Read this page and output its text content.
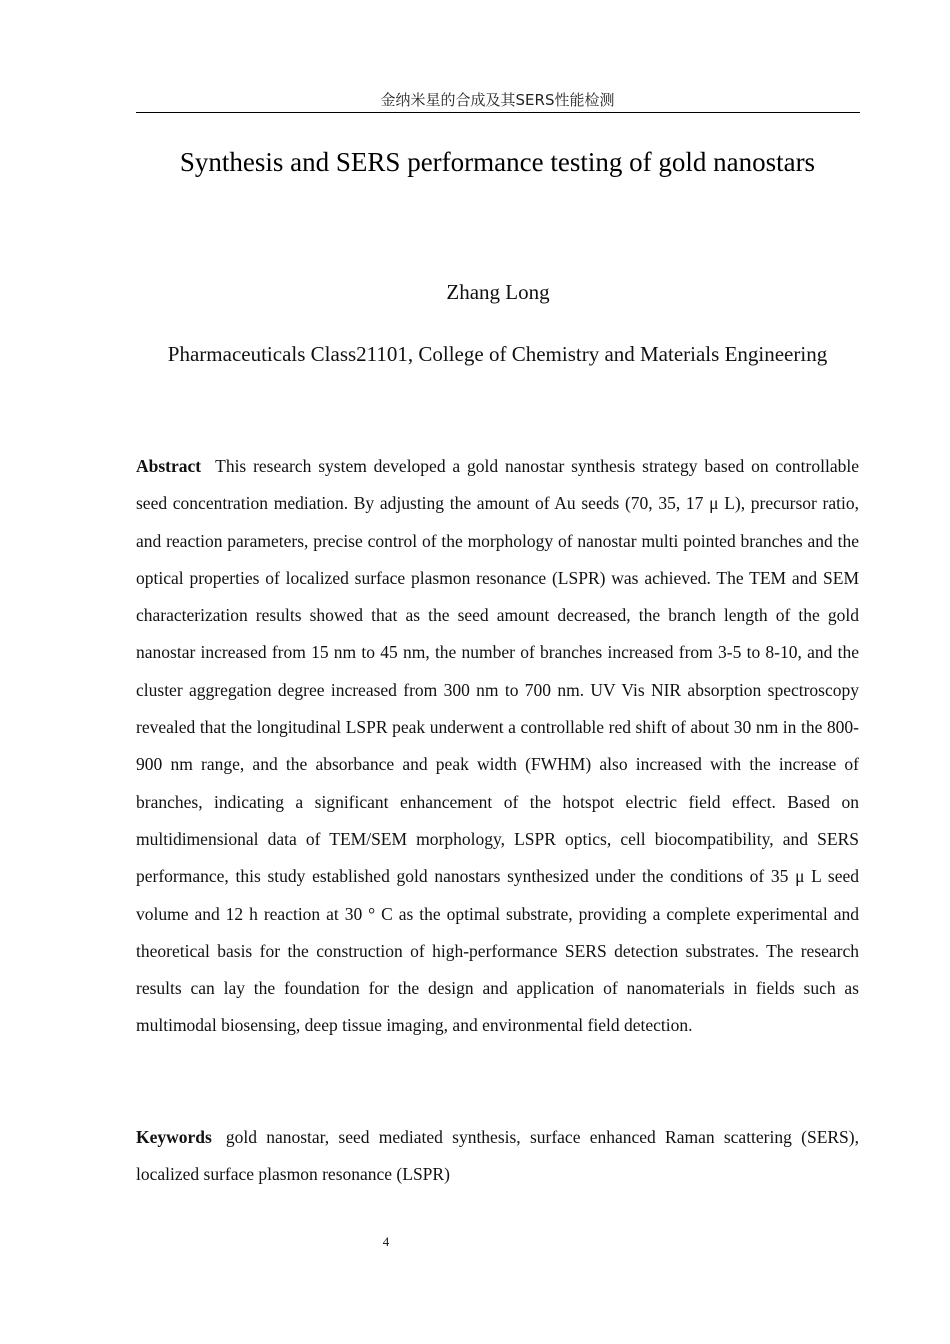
金纳米星的合成及其SERS性能检测
Synthesis and SERS performance testing of gold nanostars
Zhang Long
Pharmaceuticals Class21101, College of Chemistry and Materials Engineering

Abstract This research system developed a gold nanostar synthesis strategy based on controllable seed concentration mediation. By adjusting the amount of Au seeds (70, 35, 17 μ L), precursor ratio, and reaction parameters, precise control of the morphology of nanostar multi pointed branches and the optical properties of localized surface plasmon resonance (LSPR) was achieved. The TEM and SEM characterization results showed that as the seed amount decreased, the branch length of the gold nanostar increased from 15 nm to 45 nm, the number of branches increased from 3-5 to 8-10, and the cluster aggregation degree increased from 300 nm to 700 nm. UV Vis NIR absorption spectroscopy revealed that the longitudinal LSPR peak underwent a controllable red shift of about 30 nm in the 800-900 nm range, and the absorbance and peak width (FWHM) also increased with the increase of branches, indicating a significant enhancement of the hotspot electric field effect. Based on multidimensional data of TEM/SEM morphology, LSPR optics, cell biocompatibility, and SERS performance, this study established gold nanostars synthesized under the conditions of 35 μ L seed volume and 12 h reaction at 30 ° C as the optimal substrate, providing a complete experimental and theoretical basis for the construction of high-performance SERS detection substrates. The research results can lay the foundation for the design and application of nanomaterials in fields such as multimodal biosensing, deep tissue imaging, and environmental field detection.

Keywords gold nanostar, seed mediated synthesis, surface enhanced Raman scattering (SERS), localized surface plasmon resonance (LSPR)

4
